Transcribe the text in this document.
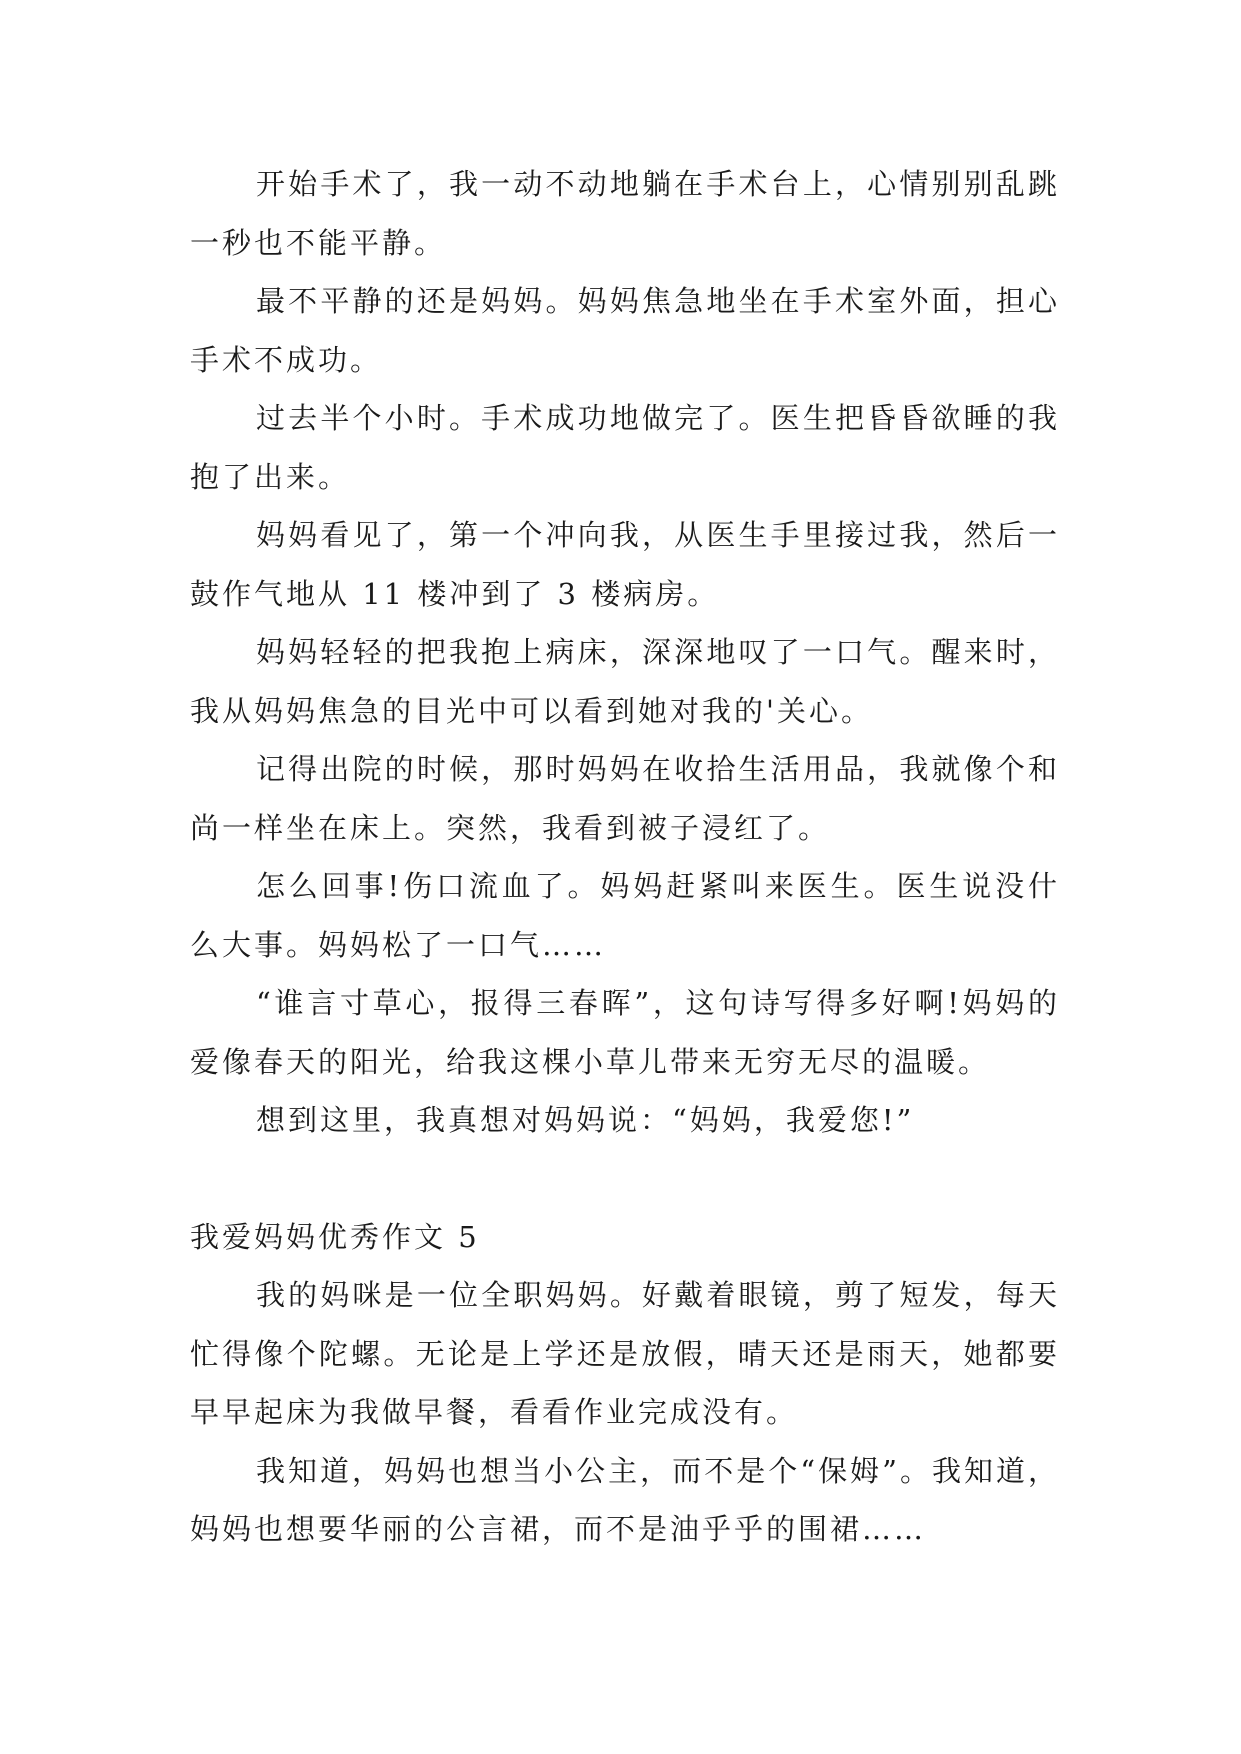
开始手术了，我一动不动地躺在手术台上，心情别别乱跳一秒也不能平静。

最不平静的还是妈妈。妈妈焦急地坐在手术室外面，担心手术不成功。

过去半个小时。手术成功地做完了。医生把昏昏欲睡的我抱了出来。

妈妈看见了，第一个冲向我，从医生手里接过我，然后一鼓作气地从 11 楼冲到了 3 楼病房。

妈妈轻轻的把我抱上病床，深深地叹了一口气。醒来时，我从妈妈焦急的目光中可以看到她对我的'关心。

记得出院的时候，那时妈妈在收拾生活用品，我就像个和尚一样坐在床上。突然，我看到被子浸红了。

怎么回事!伤口流血了。妈妈赶紧叫来医生。医生说没什么大事。妈妈松了一口气……

“谁言寸草心，报得三春晖”，这句诗写得多好啊!妈妈的爱像春天的阳光，给我这棵小草儿带来无穷无尽的温暖。

想到这里，我真想对妈妈说：“妈妈，我爱您!”

我爱妈妈优秀作文 5

我的妈咪是一位全职妈妈。好戴着眼镜，剪了短发，每天忙得像个陀螺。无论是上学还是放假，晴天还是雨天，她都要早早起床为我做早餐，看看作业完成没有。

我知道，妈妈也想当小公主，而不是个“保姆”。我知道，妈妈也想要华丽的公言裙，而不是油乎乎的围裙……
